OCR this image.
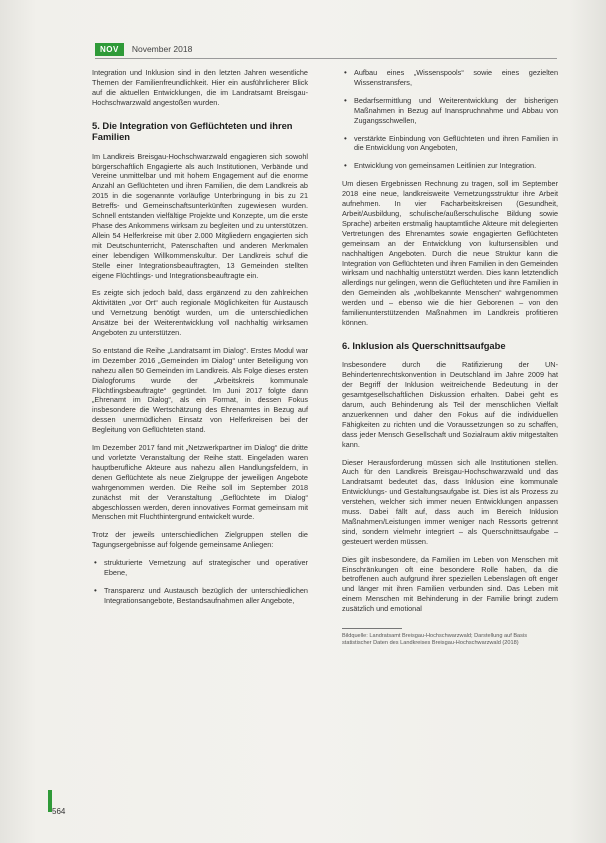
NOV	November 2018

Integration und Inklusion sind in den letzten Jahren wesentliche Themen der Familienfreundlichkeit. Hier ein ausführlicherer Blick auf die aktuellen Entwicklungen, die im Landratsamt Breisgau-Hochschwarzwald angestoßen wurden.

5. Die Integration von Geflüchteten und ihren Familien

Im Landkreis Breisgau-Hochschwarzwald engagieren sich sowohl bürgerschaftlich Engagierte als auch Institutionen, Verbände und Vereine unmittelbar und mit hohem Engagement auf die enorme Anzahl an Geflüchteten und ihren Familien, die dem Landkreis ab 2015 in die sogenannte vorläufige Unterbringung in bis zu 21 Betreffs- und Gemeinschaftsunterkünften zugewiesen wurden. Schnell entstanden vielfältige Projekte und Konzepte, um die erste Phase des Ankommens wirksam zu begleiten und zu unterstützen. Allein 54 Helferkreise mit über 2.000 Mitgliedern engagierten sich mit Deutschunterricht, Patenschaften und anderen Merkmalen einer lebendigen Willkommenskultur. Der Landkreis schuf die Stelle einer Integrationsbeauftragten, 13 Gemeinden stellten eigene Flüchtlings- und Integrationsbeauftragte ein.

Es zeigte sich jedoch bald, dass ergänzend zu den zahlreichen Aktivitäten „vor Ort“ auch regionale Möglichkeiten für Austausch und Vernetzung benötigt wurden, um die unterschiedlichen Ansätze bei der Weiterentwicklung voll nachhaltig wirksamen Angeboten zu unterstützen.

So entstand die Reihe „Landratsamt im Dialog“. Erstes Modul war im Dezember 2016 „Gemeinden im Dialog“ unter Beteiligung von nahezu allen 50 Gemeinden im Landkreis. Als Folge dieses ersten Dialogforums wurde der „Arbeitskreis kommunale Flüchtlingsbeauftragte“ gegründet. Im Juni 2017 folgte dann „Ehrenamt im Dialog“, als ein Format, in dessen Fokus insbesondere die Wertschätzung des Ehrenamtes in Bezug auf dessen unermüdlichen Einsatz von Helferkreisen bei der Begleitung von Geflüchteten stand.

Im Dezember 2017 fand mit „Netzwerkpartner im Dialog“ die dritte und vorletzte Veranstaltung der Reihe statt. Eingeladen waren hauptberufliche Akteure aus nahezu allen Handlungsfeldern, in denen Geflüchtete als neue Zielgruppe der jeweiligen Angebote wahrgenommen werden. Die Reihe soll im September 2018 zunächst mit der Veranstaltung „Geflüchtete im Dialog“ abgeschlossen werden, deren innovatives Format gemeinsam mit Menschen mit Fluchthintergrund entwickelt wurde.

Trotz der jeweils unterschiedlichen Zielgruppen stellen die Tagungsergebnisse auf folgende gemeinsame Anliegen:

• strukturierte Vernetzung auf strategischer und operativer Ebene,
• Transparenz und Austausch bezüglich der unterschiedlichen Integrationsangebote, Bestandsaufnahmen aller Angebote,
• Aufbau eines „Wissenspools“ sowie eines gezielten Wissenstransfers,
• Bedarfsermittlung und Weiterentwicklung der bisherigen Maßnahmen in Bezug auf Inanspruchnahme und Abbau von Zugangsschwellen,
• verstärkte Einbindung von Geflüchteten und ihren Familien in die Entwicklung von Angeboten,
• Entwicklung von gemeinsamen Leitlinien zur Integration.

Um diesen Ergebnissen Rechnung zu tragen, soll im September 2018 eine neue, landkreisweite Vernetzungsstruktur ihre Arbeit aufnehmen. In vier Facharbeitskreisen (Gesundheit, Arbeit/Ausbildung, schulische/außerschulische Bildung sowie Sprache) arbeiten erstmalig hauptamtliche Akteure mit delegierten Vertretungen des Ehrenamtes sowie engagierten Geflüchteten gemeinsam an der Entwicklung von kultursensiblen und nachhaltigen Angeboten. Durch die neue Struktur kann die Integration von Geflüchteten und ihren Familien in den Gemeinden wirksam und nachhaltig unterstützt werden. Dies kann letztendlich allerdings nur gelingen, wenn die Geflüchteten und ihre Familien in den Gemeinden als „wohlbekannte Menschen“ wahrgenommen werden und – ebenso wie die hier Geborenen – von den familienunterstützenden Maßnahmen im Landkreis profitieren können.

6. Inklusion als Querschnittsaufgabe

Insbesondere durch die Ratifizierung der UN-Behindertenrechtskonvention in Deutschland im Jahre 2009 hat der Begriff der Inklusion weitreichende Bedeutung in der gesamtgesellschaftlichen Diskussion erhalten. Dabei geht es darum, auch Behinderung als Teil der menschlichen Vielfalt anzuerkennen und daher den Fokus auf die individuellen Fähigkeiten zu richten und die Voraussetzungen so zu schaffen, dass jeder Mensch Gesellschaft und Sozialraum aktiv mitgestalten kann.

Dieser Herausforderung müssen sich alle Institutionen stellen. Auch für den Landkreis Breisgau-Hochschwarzwald und das Landratsamt bedeutet das, dass Inklusion eine kommunale Entwicklungs- und Gestaltungsaufgabe ist. Dies ist als Prozess zu verstehen, welcher sich immer neuen Entwicklungen anpassen muss. Dabei fällt auf, dass auch im Bereich Inklusion Maßnahmen/Leistungen immer weniger nach Ressorts getrennt sind, sondern vielmehr integriert – als Querschnittsaufgabe – gesteuert werden müssen.

Dies gilt insbesondere, da Familien im Leben von Menschen mit Einschränkungen oft eine besondere Rolle haben, da die betroffenen auch aufgrund ihrer speziellen Lebenslagen oft enger und länger mit ihren Familien verbunden sind. Das Leben mit einem Menschen mit Behinderung in der Familie bringt zudem zusätzlich und emotional

Bildquelle: Landratsamt Breisgau-Hochschwarzwald; Darstellung auf Basis statistischer Daten des Landkreises Breisgau-Hochschwarzwald (2018)
564
